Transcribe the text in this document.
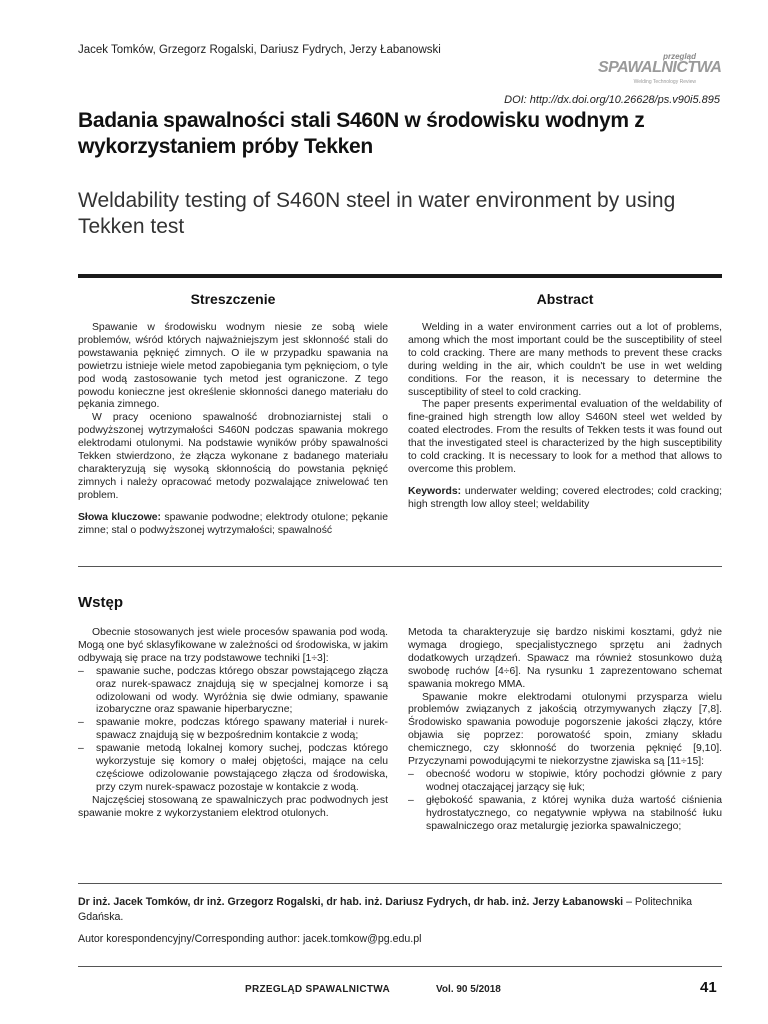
Jacek Tomków, Grzegorz Rogalski, Dariusz Fydrych, Jerzy Łabanowski
przegląd
SPAWALNICTWA
Welding Technology Review
DOI: http://dx.doi.org/10.26628/ps.v90i5.895
Badania spawalności stali S460N w środowisku wodnym z wykorzystaniem próby Tekken
Weldability testing of S460N steel in water environment by using Tekken test
Streszczenie

Spawanie w środowisku wodnym niesie ze sobą wiele problemów, wśród których najważniejszym jest skłonność stali do powstawania pęknięć zimnych. O ile w przypadku spawania na powietrzu istnieje wiele metod zapobiegania tym pęknięciom, o tyle pod wodą zastosowanie tych metod jest ograniczone. Z tego powodu konieczne jest określenie skłonności danego materiału do pękania zimnego.

W pracy oceniono spawalność drobnoziarnistej stali o podwyższonej wytrzymałości S460N podczas spawania mokrego elektrodami otulonymi. Na podstawie wyników próby spawalności Tekken stwierdzono, że złącza wykonane z badanego materiału charakteryzują się wysoką skłonnością do powstania pęknięć zimnych i należy opracować metody pozwalające zniwelować ten problem.

Słowa kluczowe: spawanie podwodne; elektrody otulone; pękanie zimne; stal o podwyższonej wytrzymałości; spawalność

Abstract

Welding in a water environment carries out a lot of problems, among which the most important could be the susceptibility of steel to cold cracking. There are many methods to prevent these cracks during welding in the air, which couldn't be use in wet welding conditions. For the reason, it is necessary to determine the susceptibility of steel to cold cracking.

The paper presents experimental evaluation of the weldability of fine-grained high strength low alloy S460N steel wet welded by coated electrodes. From the results of Tekken tests it was found out that the investigated steel is characterized by the high susceptibility to cold cracking. It is necessary to look for a method that allows to overcome this problem.

Keywords: underwater welding; covered electrodes; cold cracking; high strength low alloy steel; weldability

Wstęp

Obecnie stosowanych jest wiele procesów spawania pod wodą. Mogą one być sklasyfikowane w zależności od środowiska, w jakim odbywają się prace na trzy podstawowe techniki [1÷3]:

– spawanie suche, podczas którego obszar powstającego złącza oraz nurek-spawacz znajdują się w specjalnej komorze i są odizolowani od wody. Wyróżnia się dwie odmiany, spawanie izobaryczne oraz spawanie hiperbaryczne;
– spawanie mokre, podczas którego spawany materiał i nurek-spawacz znajdują się w bezpośrednim kontakcie z wodą;
– spawanie metodą lokalnej komory suchej, podczas którego wykorzystuje się komory o małej objętości, mające na celu częściowe odizolowanie powstającego złącza od środowiska, przy czym nurek-spawacz pozostaje w kontakcie z wodą.

Najczęściej stosowaną ze spawalniczych prac podwodnych jest spawanie mokre z wykorzystaniem elektrod otulonych.

Metoda ta charakteryzuje się bardzo niskimi kosztami, gdyż nie wymaga drogiego, specjalistycznego sprzętu ani żadnych dodatkowych urządzeń. Spawacz ma również stosunkowo dużą swobodę ruchów [4÷6]. Na rysunku 1 zaprezentowano schemat spawania mokrego MMA.

Spawanie mokre elektrodami otulonymi przysparza wielu problemów związanych z jakością otrzymywanych złączy [7,8]. Środowisko spawania powoduje pogorszenie jakości złączy, które objawia się poprzez: porowatość spoin, zmiany składu chemicznego, czy skłonność do tworzenia pęknięć [9,10]. Przyczynami powodującymi te niekorzystne zjawiska są [11÷15]:

– obecność wodoru w stopiwie, który pochodzi głównie z pary wodnej otaczającej jarzący się łuk;
– głębokość spawania, z której wynika duża wartość ciśnienia hydrostatycznego, co negatywnie wpływa na stabilność łuku spawalniczego oraz metalurgię jeziorka spawalniczego;
Dr inż. Jacek Tomków, dr inż. Grzegorz Rogalski, dr hab. inż. Dariusz Fydrych, dr hab. inż. Jerzy Łabanowski – Politechnika Gdańska.
Autor korespondencyjny/Corresponding author: jacek.tomkow@pg.edu.pl
PRZEGLĄD SPAWALNICTWA	Vol. 90 5/2018	41
